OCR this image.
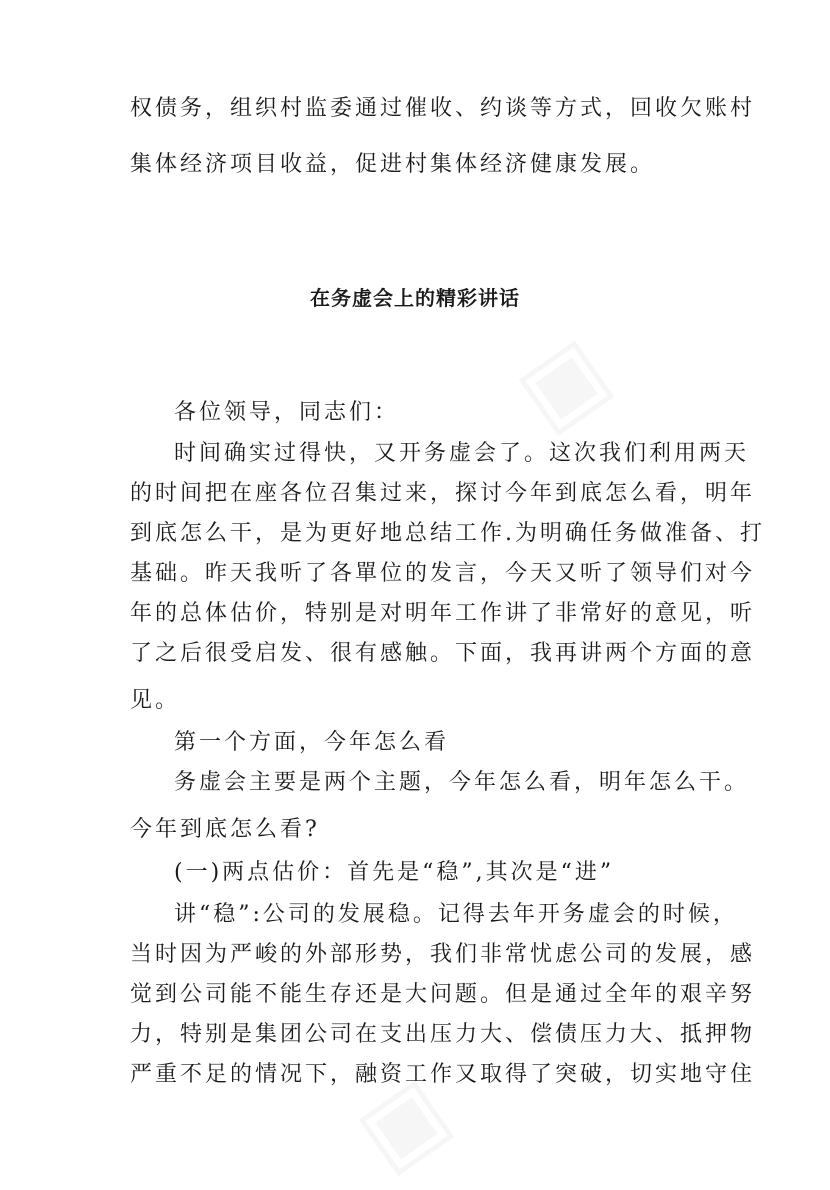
权债务，组织村监委通过催收、约谈等方式，回收欠账村
集体经济项目收益，促进村集体经济健康发展。
在务虚会上的精彩讲话
各位领导，同志们：
时间确实过得快，又开务虚会了。这次我们利用两天
的时间把在座各位召集过来，探讨今年到底怎么看，明年
到底怎么干，是为更好地总结工作.为明确任务做准备、打
基础。昨天我听了各單位的发言，今天又听了领导们对今
年的总体估价，特别是对明年工作讲了非常好的意见，听
了之后很受启发、很有感触。下面，我再讲两个方面的意
见。
第一个方面，今年怎么看
务虚会主要是两个主题，今年怎么看，明年怎么干。
今年到底怎么看?
(一)两点估价：首先是“稳”,其次是“进”
讲“稳”:公司的发展稳。记得去年开务虚会的时候，
当时因为严峻的外部形势，我们非常忧虑公司的发展，感
觉到公司能不能生存还是大问题。但是通过全年的艰辛努
力，特别是集团公司在支出压力大、偿债压力大、抵押物
严重不足的情况下，融资工作又取得了突破，切实地守住
